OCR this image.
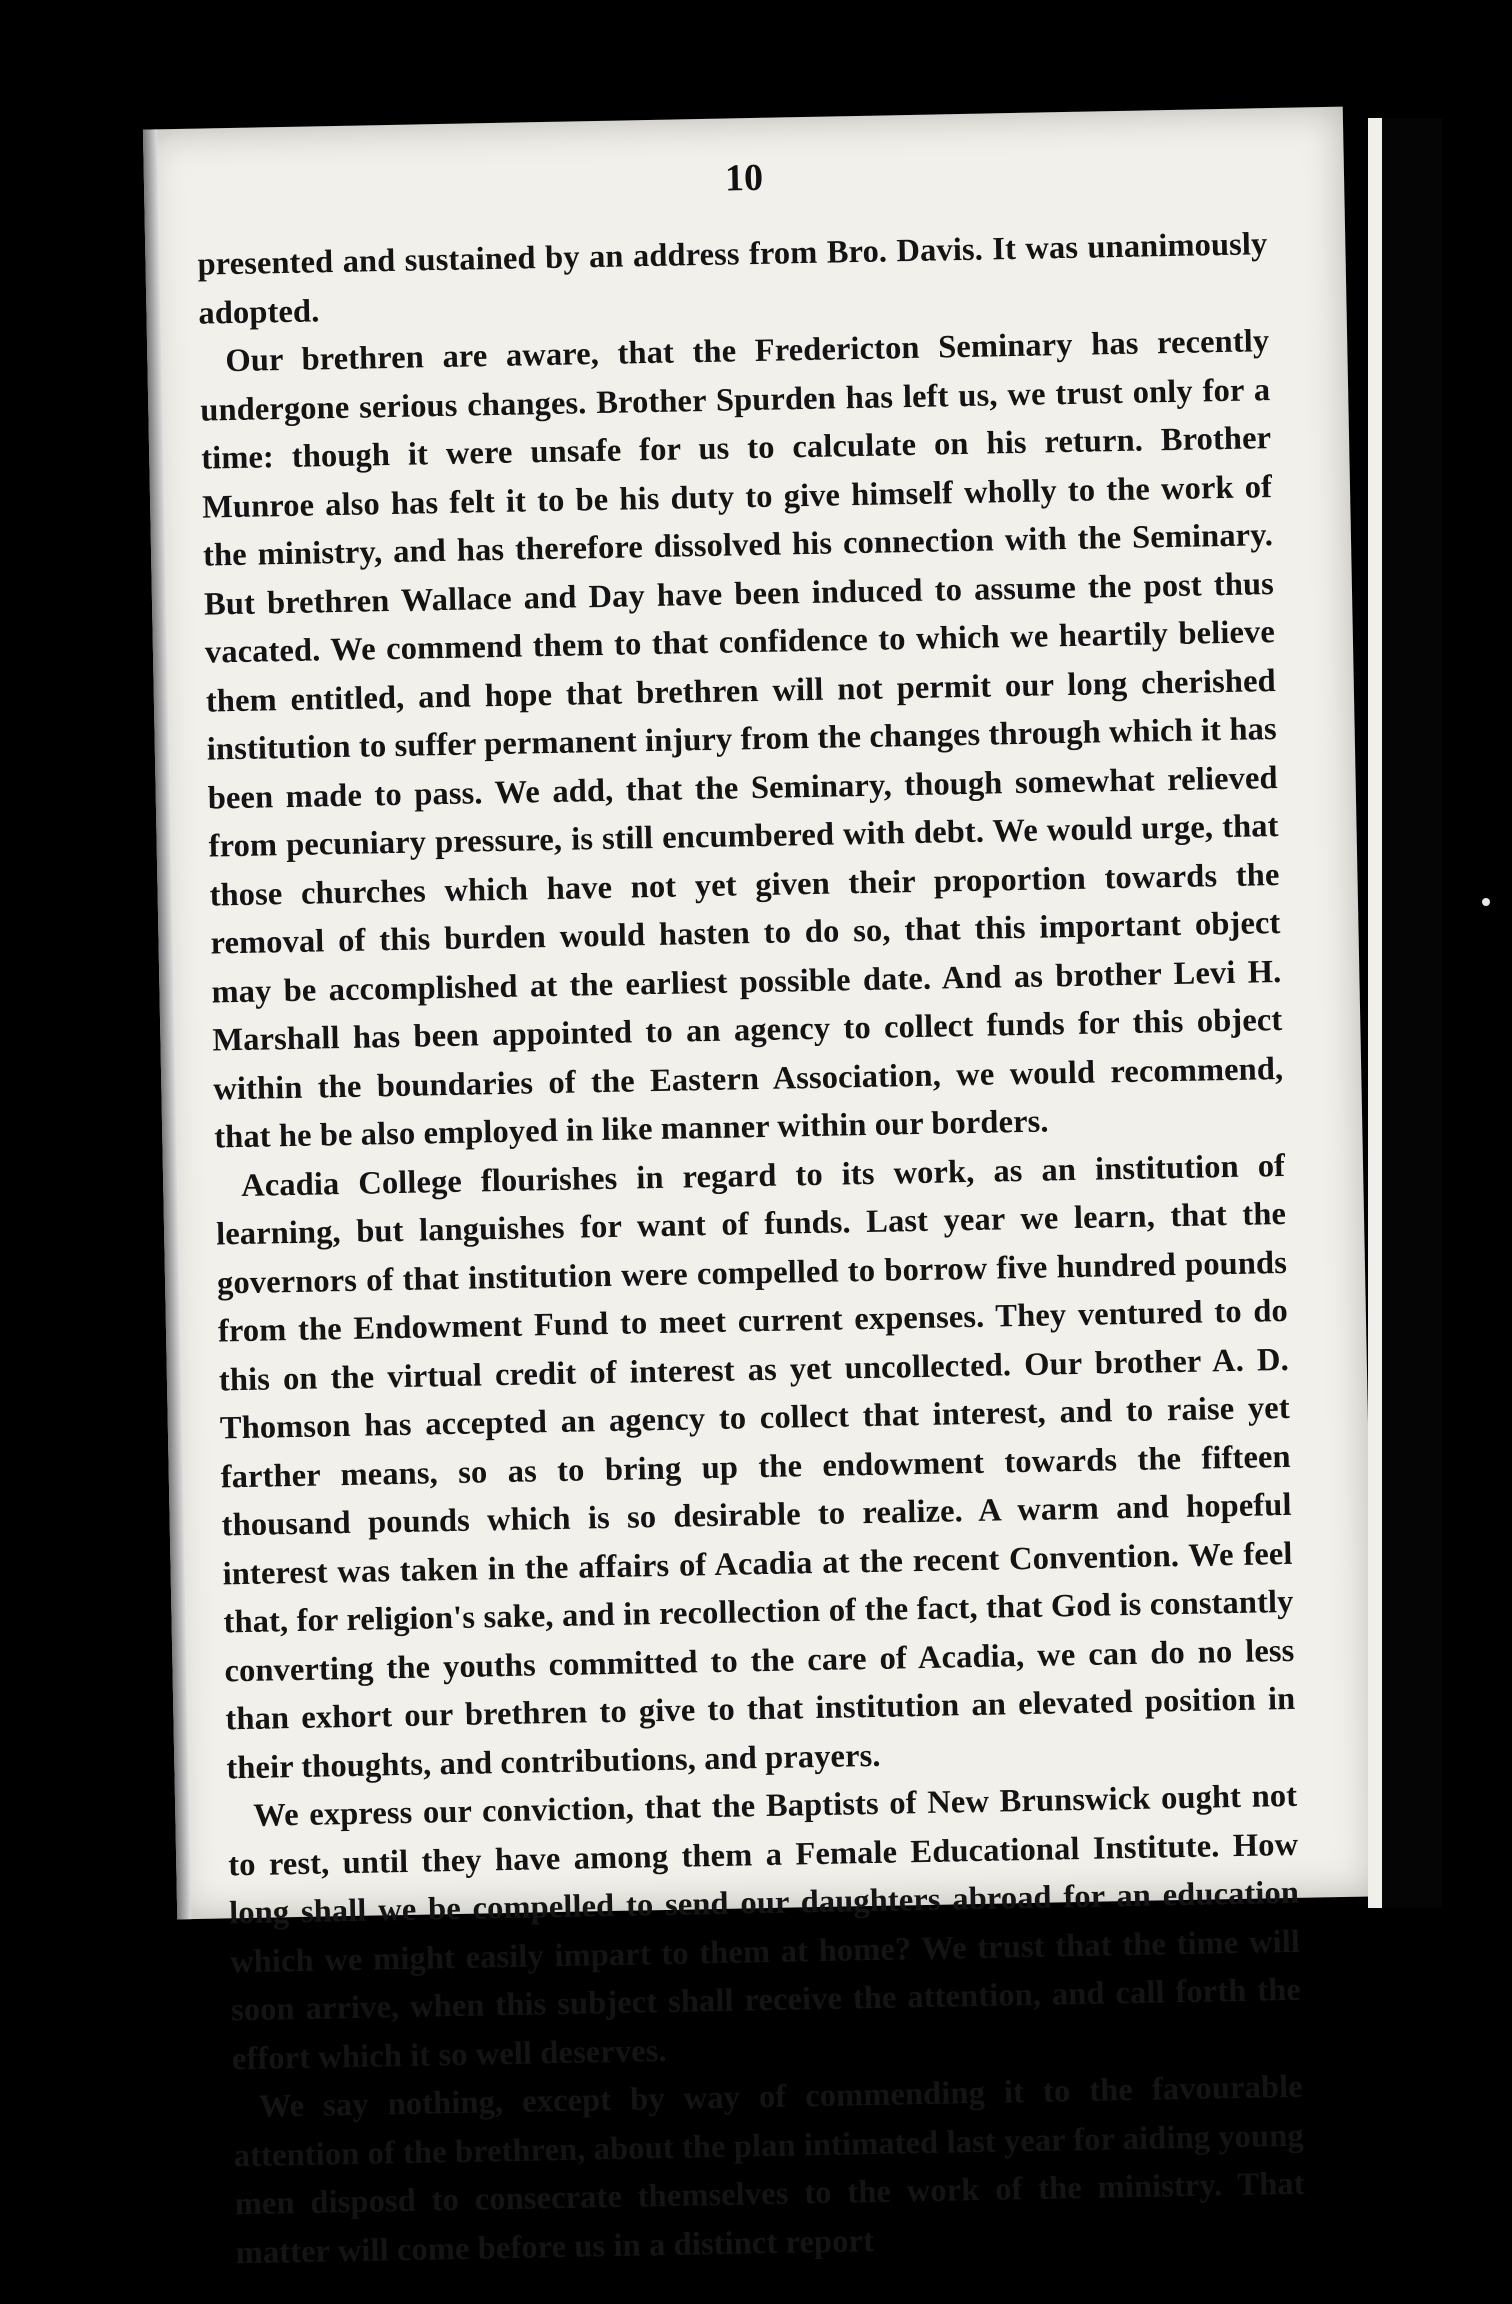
10

presented and sustained by an address from Bro. Davis. It was unanimously adopted.

Our brethren are aware, that the Fredericton Seminary has recently undergone serious changes. Brother Spurden has left us, we trust only for a time: though it were unsafe for us to calculate on his return. Brother Munroe also has felt it to be his duty to give himself wholly to the work of the ministry, and has therefore dissolved his connection with the Seminary. But brethren Wallace and Day have been induced to assume the post thus vacated. We commend them to that confidence to which we heartily believe them entitled, and hope that brethren will not permit our long cherished institution to suffer permanent injury from the changes through which it has been made to pass. We add, that the Seminary, though somewhat relieved from pecuniary pressure, is still encumbered with debt. We would urge, that those churches which have not yet given their proportion towards the removal of this burden would hasten to do so, that this important object may be accomplished at the earliest possible date. And as brother Levi H. Marshall has been appointed to an agency to collect funds for this object within the boundaries of the Eastern Association, we would recommend, that he be also employed in like manner within our borders.

Acadia College flourishes in regard to its work, as an institution of learning, but languishes for want of funds. Last year we learn, that the governors of that institution were compelled to borrow five hundred pounds from the Endowment Fund to meet current expenses. They ventured to do this on the virtual credit of interest as yet uncollected. Our brother A. D. Thomson has accepted an agency to collect that interest, and to raise yet farther means, so as to bring up the endowment towards the fifteen thousand pounds which is so desirable to realize. A warm and hopeful interest was taken in the affairs of Acadia at the recent Convention. We feel that, for religion's sake, and in recollection of the fact, that God is constantly converting the youths committed to the care of Acadia, we can do no less than exhort our brethren to give to that institution an elevated position in their thoughts, and contributions, and prayers.

We express our conviction, that the Baptists of New Brunswick ought not to rest, until they have among them a Female Educational Institute. How long shall we be compelled to send our daughters abroad for an education which we might easily impart to them at home? We trust that the time will soon arrive, when this subject shall receive the attention, and call forth the effort which it so well deserves.

We say nothing, except by way of commending it to the favourable attention of the brethren, about the plan intimated last year for aiding young men disposd to consecrate themselves to the work of the ministry. That matter will come before us in a distinct report
